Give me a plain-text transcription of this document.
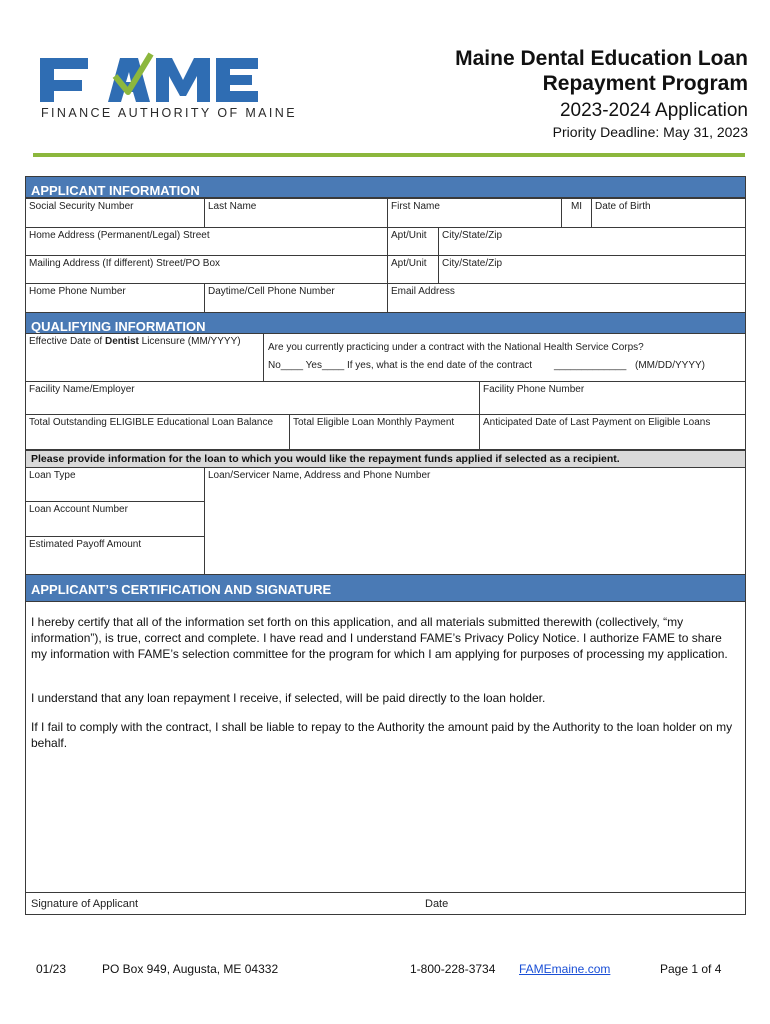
FINANCE AUTHORITY OF MAINE
Maine Dental Education Loan
Repayment Program
2023-2024 Application
Priority Deadline: May 31, 2023
APPLICANT INFORMATION
Social Security Number	Last Name	First Name	MI	Date of Birth
Home Address (Permanent/Legal) Street	Apt/Unit	City/State/Zip
Mailing Address (If different) Street/PO Box	Apt/Unit	City/State/Zip
Home Phone Number	Daytime/Cell Phone Number	Email Address
QUALIFYING INFORMATION
Effective Date of Dentist Licensure (MM/YYYY)
Are you currently practicing under a contract with the National Health Service Corps?
No____ Yes____ If yes, what is the end date of the contract _____________ (MM/DD/YYYY)
Facility Name/Employer	Facility Phone Number
Total Outstanding ELIGIBLE Educational Loan Balance	Total Eligible Loan Monthly Payment	Anticipated Date of Last Payment on Eligible Loans
Please provide information for the loan to which you would like the repayment funds applied if selected as a recipient.
Loan Type	Loan/Servicer Name, Address and Phone Number
Loan Account Number
Estimated Payoff Amount
APPLICANT’S CERTIFICATION AND SIGNATURE
I hereby certify that all of the information set forth on this application, and all materials submitted therewith (collectively, “my information”), is true, correct and complete. I have read and I understand FAME’s Privacy Policy Notice. I authorize FAME to share my information with FAME’s selection committee for the program for which I am applying for purposes of processing my application.
I understand that any loan repayment I receive, if selected, will be paid directly to the loan holder.
If I fail to comply with the contract, I shall be liable to repay to the Authority the amount paid by the Authority to the loan holder on my behalf.
Signature of Applicant	Date
01/23	PO Box 949, Augusta, ME 04332	1-800-228-3734 FAMEmaine.com	Page 1 of 4
